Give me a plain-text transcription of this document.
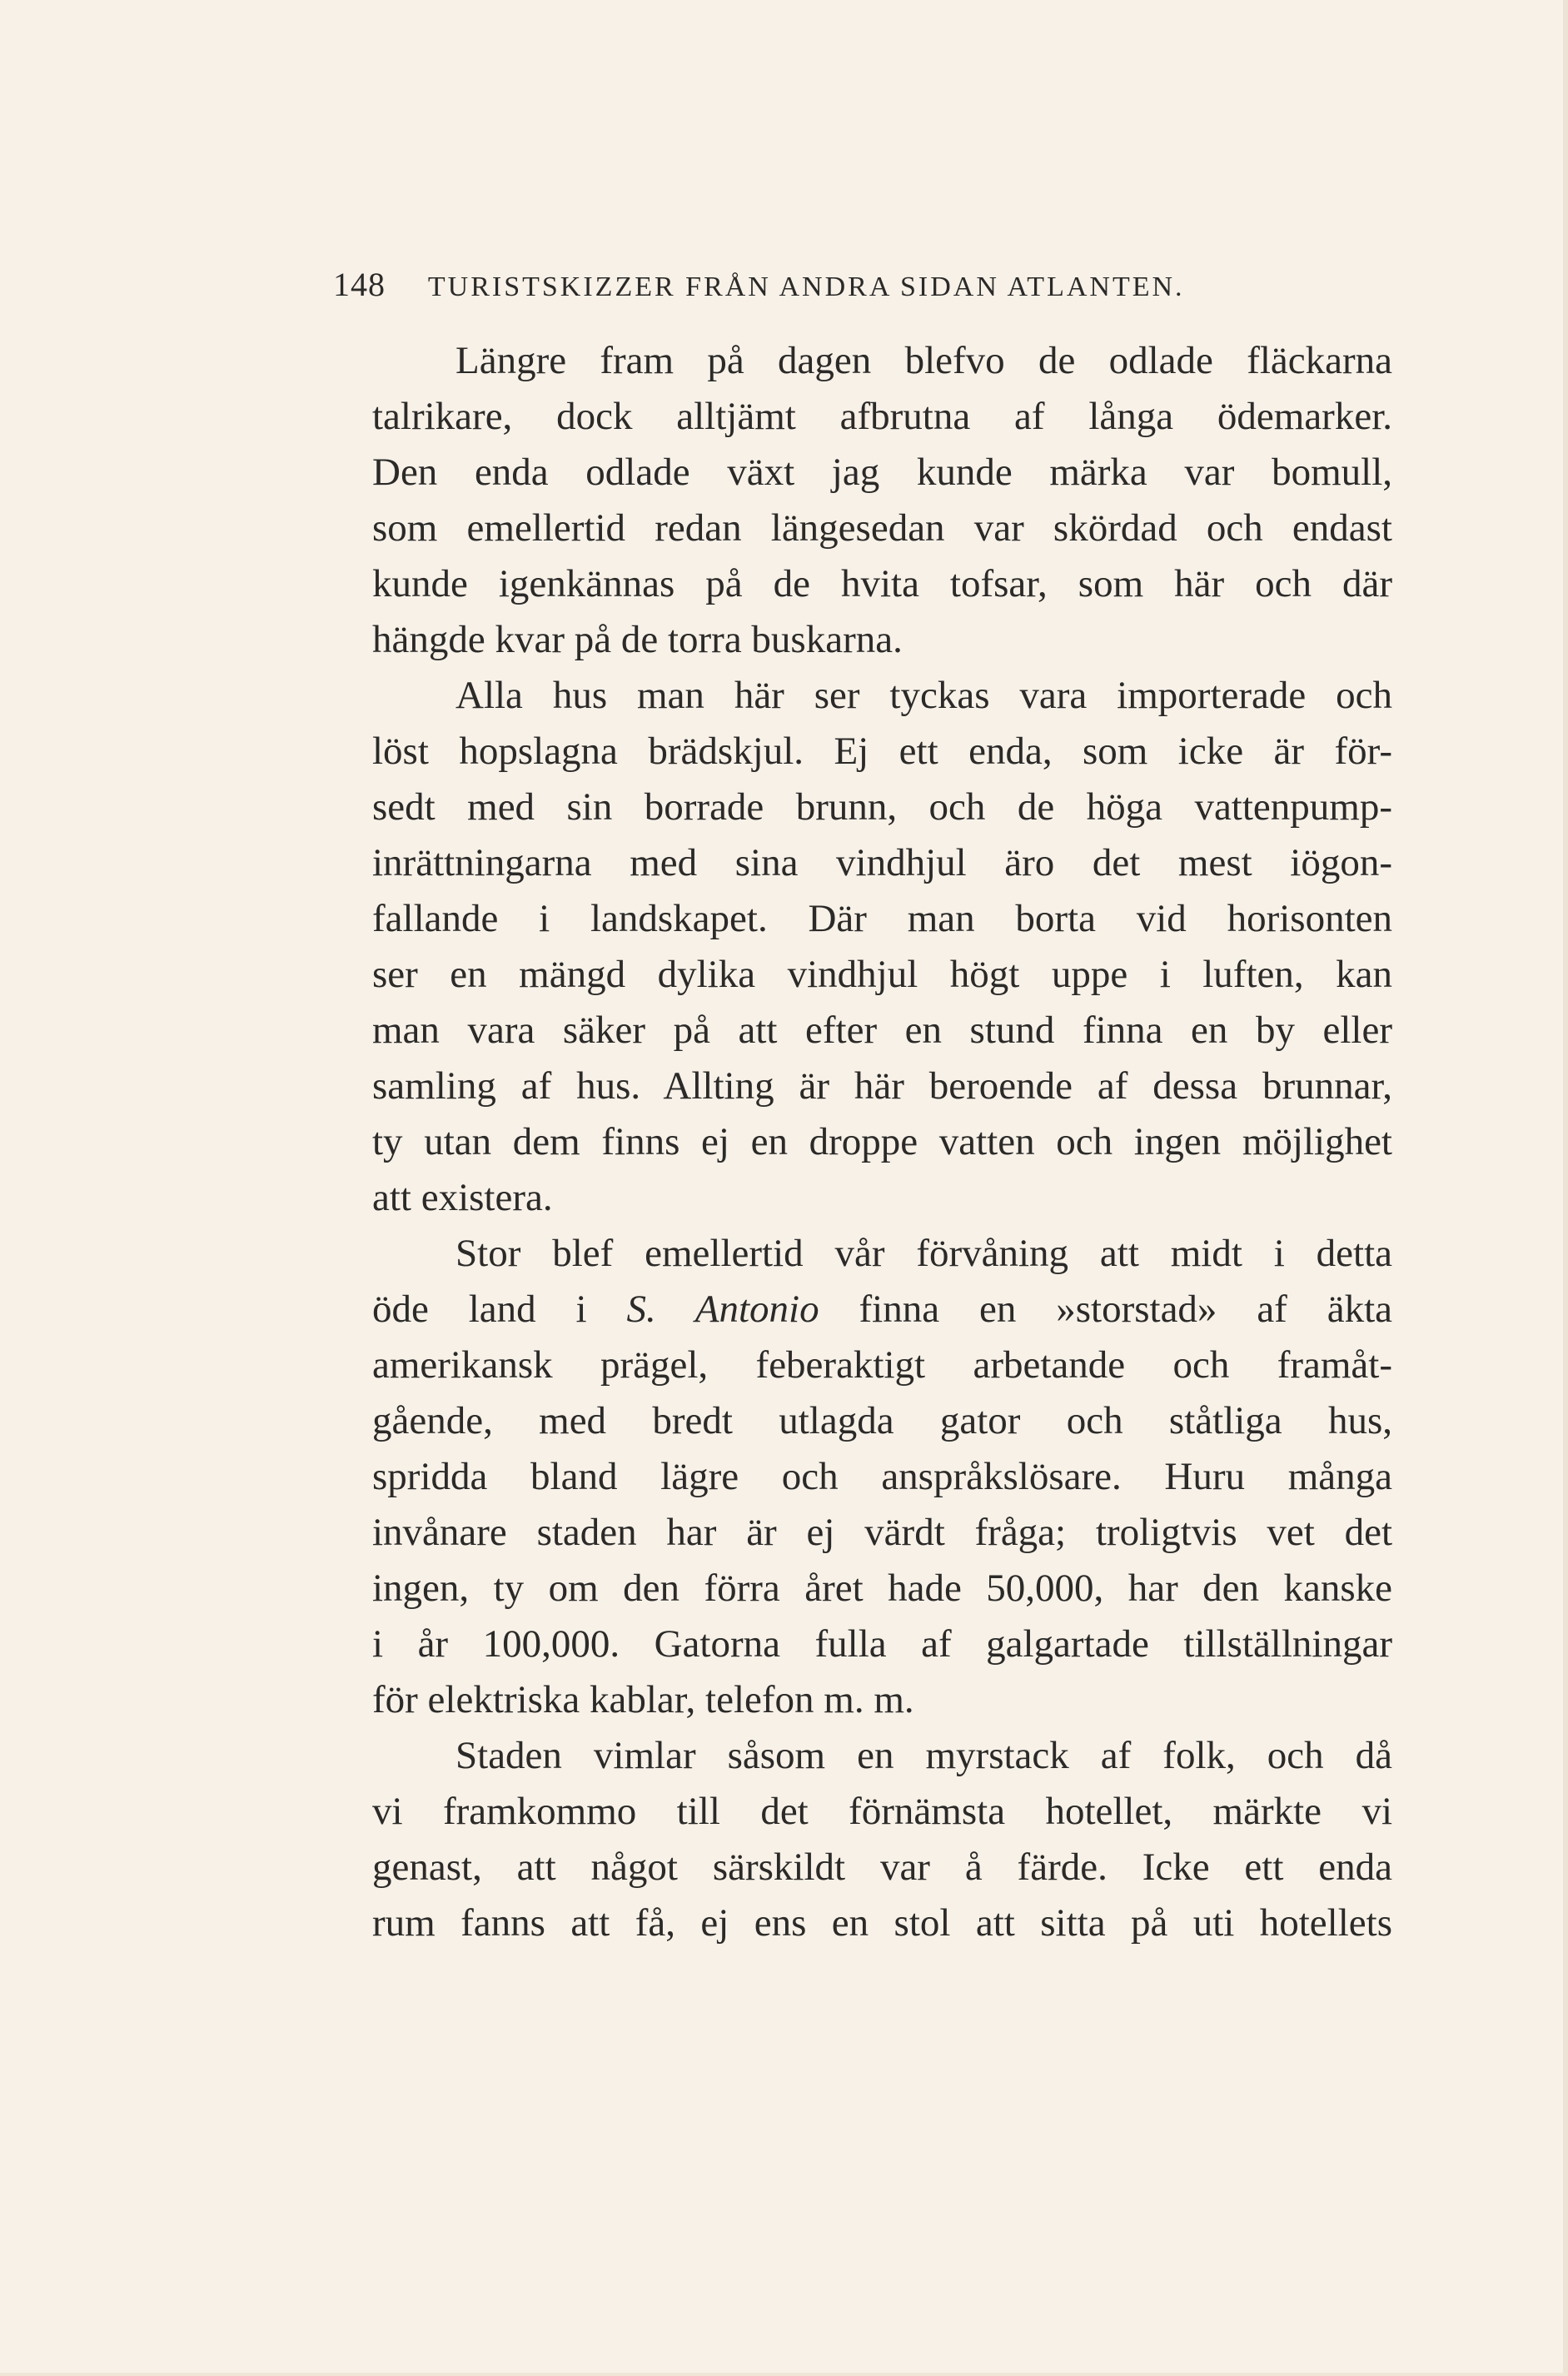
148 TURISTSKIZZER FRÅN ANDRA SIDAN ATLANTEN.
Längre fram på dagen blefvo de odlade fläckarna
talrikare, dock alltjämt afbrutna af långa ödemarker.
Den enda odlade växt jag kunde märka var bomull,
som emellertid redan längesedan var skördad och endast
kunde igenkännas på de hvita tofsar, som här och där
hängde kvar på de torra buskarna.
Alla hus man här ser tyckas vara importerade och
löst hopslagna brädskjul. Ej ett enda, som icke är för-
sedt med sin borrade brunn, och de höga vattenpump-
inrättningarna med sina vindhjul äro det mest iögon-
fallande i landskapet. Där man borta vid horisonten
ser en mängd dylika vindhjul högt uppe i luften, kan
man vara säker på att efter en stund finna en by eller
samling af hus. Allting är här beroende af dessa brunnar,
ty utan dem finns ej en droppe vatten och ingen möjlighet
att existera.
Stor blef emellertid vår förvåning att midt i detta
öde land i S. Antonio finna en »storstad» af äkta
amerikansk prägel, feberaktigt arbetande och framåt-
gående, med bredt utlagda gator och ståtliga hus,
spridda bland lägre och anspråkslösare. Huru många
invånare staden har är ej värdt fråga; troligtvis vet det
ingen, ty om den förra året hade 50,000, har den kanske
i år 100,000. Gatorna fulla af galgartade tillställningar
för elektriska kablar, telefon m. m.
Staden vimlar såsom en myrstack af folk, och då
vi framkommo till det förnämsta hotellet, märkte vi
genast, att något särskildt var å färde. Icke ett enda
rum fanns att få, ej ens en stol att sitta på uti hotellets
